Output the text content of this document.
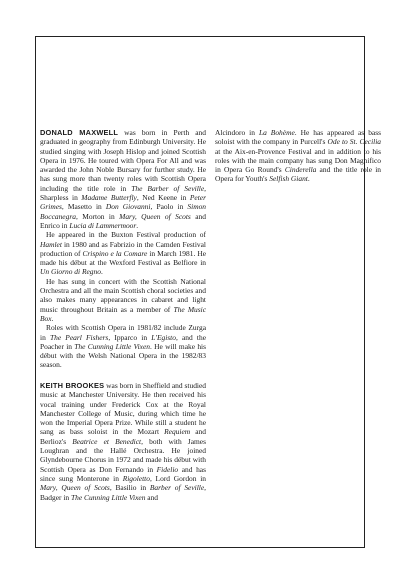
DONALD MAXWELL was born in Perth and graduated in geography from Edinburgh University. He studied singing with Joseph Hislop and joined Scottish Opera in 1976. He toured with Opera For All and was awarded the John Noble Bursary for further study. He has sung more than twenty roles with Scottish Opera including the title role in The Barber of Seville, Sharpless in Madame Butterfly, Ned Keene in Peter Grimes, Masetto in Don Giovanni, Paolo in Simon Boccanegra, Morton in Mary, Queen of Scots and Enrico in Lucia di Lammermoor.

He appeared in the Buxton Festival production of Hamlet in 1980 and as Fabrizio in the Camden Festival production of Crispino e la Comare in March 1981. He made his début at the Wexford Festival as Belfiore in Un Giorno di Regno.

He has sung in concert with the Scottish National Orchestra and all the main Scottish choral societies and also makes many appearances in cabaret and light music throughout Britain as a member of The Music Box.

Roles with Scottish Opera in 1981/82 include Zurga in The Pearl Fishers, Ipparco in L'Egisto, and the Poacher in The Cunning Little Vixen. He will make his début with the Welsh National Opera in the 1982/83 season.

Alcindoro in La Bohème. He has appeared as bass soloist with the company in Purcell's Ode to St. Cecilia at the Aix-en-Provence Festival and in addition to his roles with the main company has sung Don Magnifico in Opera Go Round's Cinderella and the title role in Opera for Youth's Selfish Giant.

KEITH BROOKES was born in Sheffield and studied music at Manchester University. He then received his vocal training under Frederick Cox at the Royal Manchester College of Music, during which time he won the Imperial Opera Prize. While still a student he sang as bass soloist in the Mozart Requiem and Berlioz's Beatrice et Benedict, both with James Loughran and the Hallé Orchestra. He joined Glyndebourne Chorus in 1972 and made his début with Scottish Opera as Don Fernando in Fidelio and has since sung Monterone in Rigoletto, Lord Gordon in Mary, Queen of Scots, Basilio in Barber of Seville, Badger in The Cunning Little Vixen and
